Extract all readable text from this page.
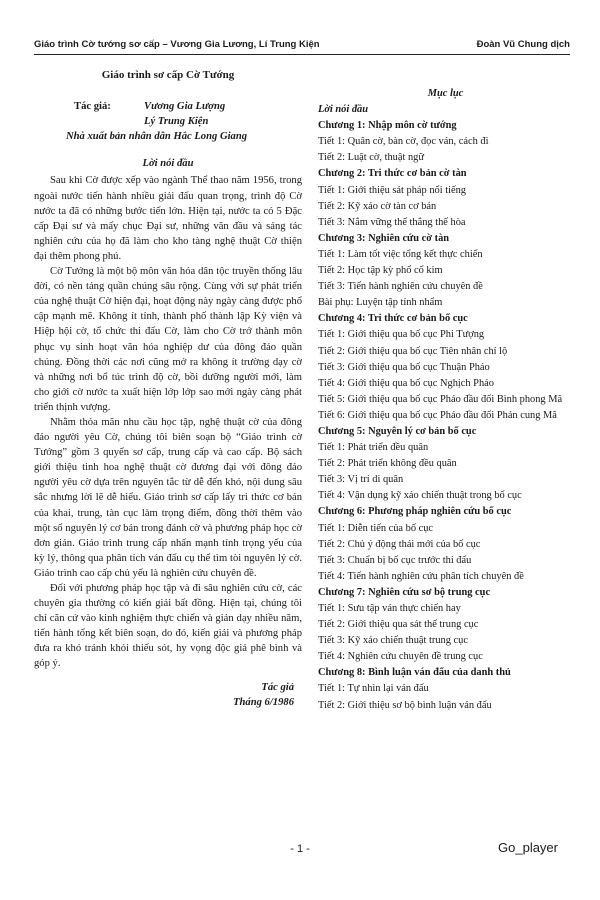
Giáo trình Cờ tướng sơ cấp – Vương Gia Lương, Lí Trung Kiện	Đoàn Vũ Chung dịch

Giáo trình sơ cấp Cờ Tướng

Tác giả:	Vương Gia Lượng
Lý Trung Kiện
Nhà xuất bản nhân dân Hắc Long Giang

Lời nói đầu

Sau khi Cờ được xếp vào ngành Thể thao năm 1956, trong ngoài nước tiến hành nhiều giải đấu quan trọng, trình độ Cờ nước ta đã có những bước tiến lớn. Hiện tại, nước ta có 5 Đặc cấp Đại sư và mấy chục Đại sư, những văn đầu và sáng tác nghiên cứu của họ đã làm cho kho tàng nghệ thuật Cờ thiện đại thêm phong phú.

Cờ Tướng là một bộ môn văn hóa dân tộc truyền thống lâu đời, có nền tảng quần chúng sâu rộng. Cùng với sự phát triển của nghệ thuật Cờ hiện đại, hoạt động này ngày càng được phổ cập mạnh mẽ. Không ít tỉnh, thành phố thành lập Kỳ viện và Hiệp hội cờ, tổ chức thi đấu Cờ, làm cho Cờ trở thành môn phục vụ sinh hoạt văn hóa nghiệp dư của đông đảo quần chúng. Đồng thời các nơi cũng mở ra không ít trường dạy cờ và những nơi bổ túc trình độ cờ, bồi dưỡng người mới, làm cho giới cờ nước ta xuất hiện lớp lớp sao mới ngày càng phát triển thịnh vượng.

Nhằm thỏa mãn nhu cầu học tập, nghệ thuật cờ của đông đảo người yêu Cờ, chúng tôi biên soạn bộ “Giáo trình cờ Tướng” gồm 3 quyển sơ cấp, trung cấp và cao cấp. Bộ sách giới thiệu tinh hoa nghệ thuật cờ đương đại với đông đảo người yêu cờ dựa trên nguyên tắc từ dễ đến khó, nội dung sâu sắc nhưng lời lẽ dễ hiểu. Giáo trình sơ cấp lấy tri thức cơ bản của khai, trung, tàn cục làm trọng điểm, đồng thời thêm vào một số nguyên lý cơ bản trong đánh cờ và phương pháp học cờ đơn giản. Giáo trình trung cấp nhấn mạnh tính trọng yếu của kỳ lý, thông qua phân tích ván đấu cụ thể tìm tòi nguyên lý cờ. Giáo trình cao cấp chủ yếu là nghiên cứu chuyên đề.

Đối với phương pháp học tập và đi sâu nghiên cứu cờ, các chuyên gia thường có kiến giải bất đồng. Hiện tại, chúng tôi chỉ căn cứ vào kinh nghiệm thực chiến và giản dạy nhiều năm, tiến hành tổng kết biên soạn, do đó, kiến giải và phương pháp đưa ra khó tránh khỏi thiếu sót, hy vọng độc giả phê bình và góp ý.

Tác giả
Tháng 6/1986

Mục lục

Lời nói đầu

Chương 1: Nhập môn cờ tướng

Tiết 1: Quân cờ, bàn cờ, đọc ván, cách đi

Tiết 2: Luật cờ, thuật ngữ

Chương 2: Tri thức cơ bản cờ tàn

Tiết 1: Giới thiệu sát pháp nổi tiếng

Tiết 2: Kỹ xảo cờ tàn cơ bản

Tiết 3: Nắm vững thế thắng thế hòa

Chương 3: Nghiên cứu cờ tàn

Tiết 1: Làm tốt việc tổng kết thực chiến

Tiết 2: Học tập kỳ phổ cổ kim

Tiết 3: Tiến hành nghiên cứu chuyên đề

Bài phụ: Luyện tập tính nhẩm

Chương 4: Tri thức cơ bản bố cục

Tiết 1: Giới thiệu qua bố cục Phi Tượng

Tiết 2: Giới thiệu qua bố cục Tiên nhân chỉ lộ

Tiết 3: Giới thiệu qua bố cục Thuận Pháo

Tiết 4: Giới thiệu qua bố cục Nghịch Pháo

Tiết 5: Giới thiệu qua bố cục Pháo đầu đối Bình phong Mã

Tiết 6: Giới thiệu qua bố cục Pháo đầu đối Phản cung Mã

Chương 5: Nguyên lý cơ bản bố cục

Tiết 1: Phát triển đều quân

Tiết 2: Phát triển không đều quân

Tiết 3: Vị trí di quân

Tiết 4: Vận dụng kỹ xảo chiến thuật trong bố cục

Chương 6: Phương pháp nghiên cứu bố cục

Tiết 1: Diễn tiến của bố cục

Tiết 2: Chủ ý động thái mới của bố cục

Tiết 3: Chuẩn bị bố cục trước thi đấu

Tiết 4: Tiến hành nghiên cứu phân tích chuyên đề

Chương 7: Nghiên cứu sơ bộ trung cục

Tiết 1: Sưu tập ván thực chiến hay

Tiết 2: Giới thiệu qua sát thế trung cục

Tiết 3: Kỹ xảo chiến thuật trung cục

Tiết 4: Nghiên cứu chuyên đề trung cục

Chương 8: Bình luận ván đấu của danh thủ

Tiết 1: Tự nhìn lại ván đấu

Tiết 2: Giới thiệu sơ bộ bình luận ván đấu

- 1 -	Go_player
